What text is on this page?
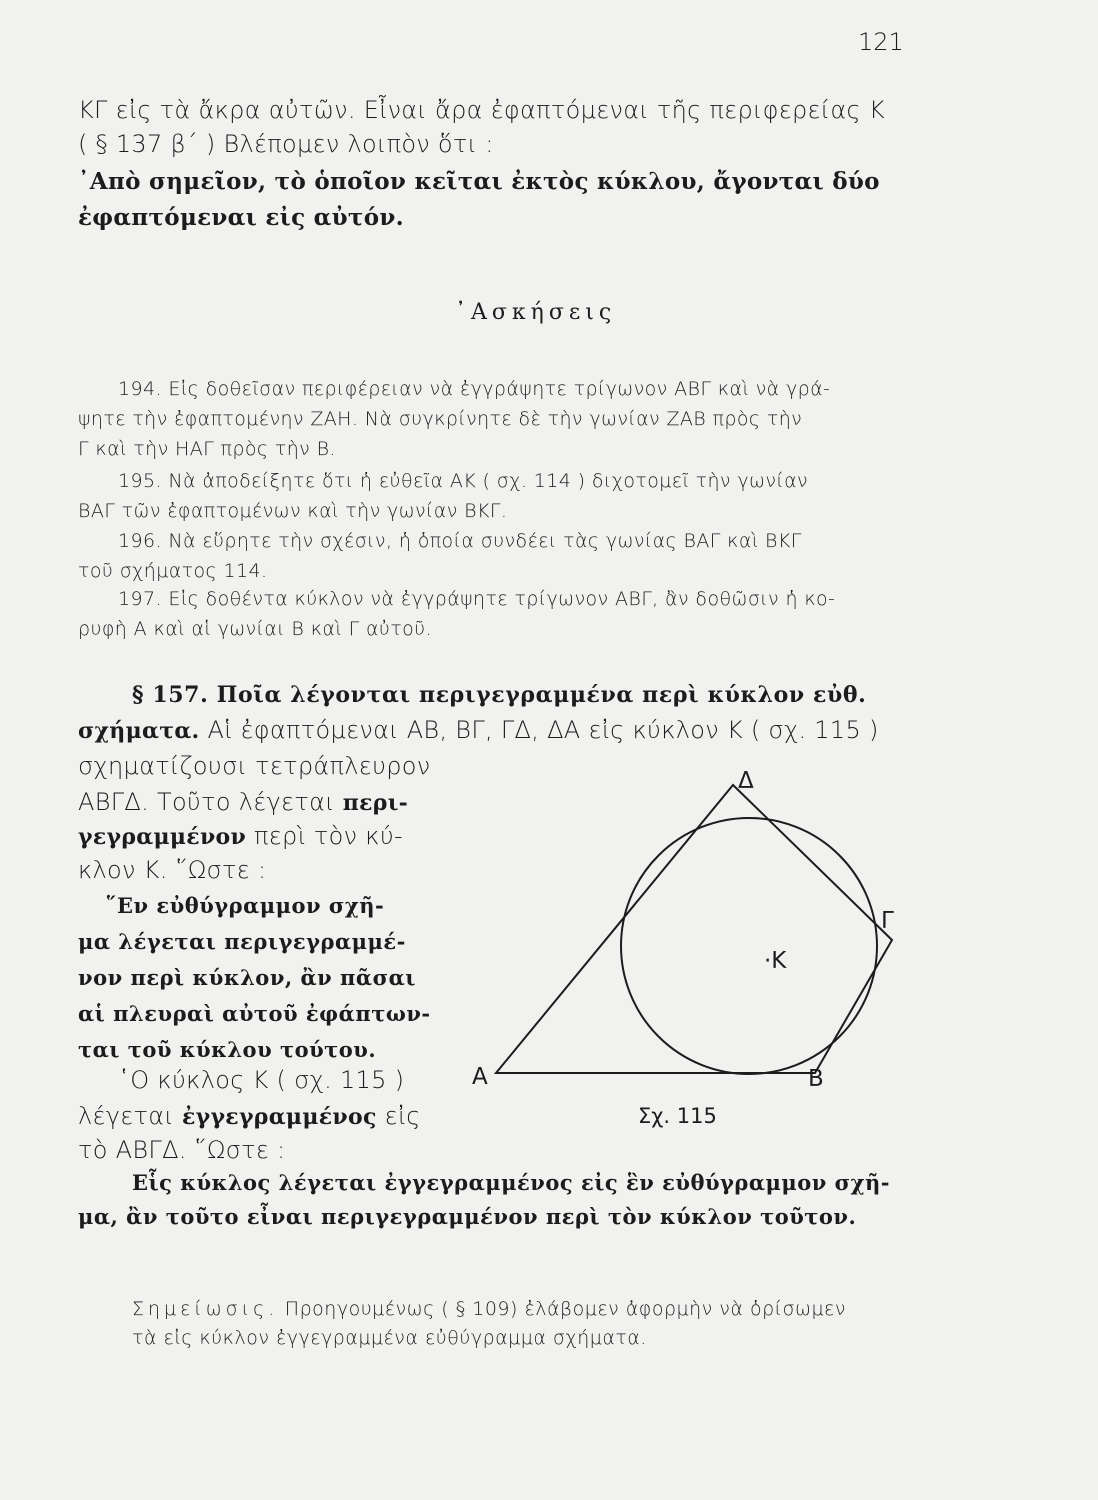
121
ΚΓ εἰς τὰ ἄκρα αὐτῶν. Εἶναι ἄρα ἐφαπτόμεναι τῆς περιφερείας Κ
( § 137 β΄ ) Βλέπομεν λοιπὸν ὅτι :
᾿Απὸ σημεῖον, τὸ ὁποῖον κεῖται ἐκτὸς κύκλου, ἄγονται δύο
ἐφαπτόμεναι εἰς αὐτόν.
᾿Ασκήσεις
194. Εἰς δοθεῖσαν περιφέρειαν νὰ ἐγγράψητε τρίγωνον ΑΒΓ καὶ νὰ γρά-
ψητε τὴν ἐφαπτομένην ΖΑΗ. Νὰ συγκρίνητε δὲ τὴν γωνίαν ΖΑΒ πρὸς τὴν
Γ καὶ τὴν ΗΑΓ πρὸς τὴν Β.
195. Νὰ ἀποδείξητε ὅτι ἡ εὐθεῖα ΑΚ ( σχ. 114 ) διχοτομεῖ τὴν γωνίαν
ΒΑΓ τῶν ἐφαπτομένων καὶ τὴν γωνίαν ΒΚΓ.
196. Νὰ εὕρητε τὴν σχέσιν, ἡ ὁποία συνδέει τὰς γωνίας ΒΑΓ καὶ ΒΚΓ
τοῦ σχήματος 114.
197. Εἰς δοθέντα κύκλον νὰ ἐγγράψητε τρίγωνον ΑΒΓ, ἂν δοθῶσιν ἡ κο-
ρυφὴ Α καὶ αἱ γωνίαι Β καὶ Γ αὐτοῦ.
§ 157. Ποῖα λέγονται περιγεγραμμένα περὶ κύκλον εὐθ.
σχήματα. Αἱ ἐφαπτόμεναι ΑΒ, ΒΓ, ΓΔ, ΔΑ εἰς κύκλον Κ ( σχ. 115 )
σχηματίζουσι τετράπλευρον
ΑΒΓΔ. Τοῦτο λέγεται περι-
γεγραμμένον περὶ τὸν κύ-
κλον Κ. ῞Ωστε :
῞Εν εὐθύγραμμον σχῆ-
μα λέγεται περιγεγραμμέ-
νον περὶ κύκλον, ἂν πᾶσαι
αἱ πλευραὶ αὐτοῦ ἐφάπτων-
ται τοῦ κύκλου τούτου.
῾Ο κύκλος Κ ( σχ. 115 )
λέγεται ἐγγεγραμμένος εἰς
τὸ ΑΒΓΔ. ῞Ωστε :
Εἷς κύκλος λέγεται ἐγγεγραμμένος εἰς ἓν εὐθύγραμμον σχῆ-
μα, ἂν τοῦτο εἶναι περιγεγραμμένον περὶ τὸν κύκλον τοῦτον.
Α	Β
Γ
Δ
·Κ
Σχ. 115
Σημείωσις. Προηγουμένως ( § 109) ἐλάβομεν ἀφορμὴν νὰ ὁρίσωμεν
τὰ εἰς κύκλον ἐγγεγραμμένα εὐθύγραμμα σχήματα.
